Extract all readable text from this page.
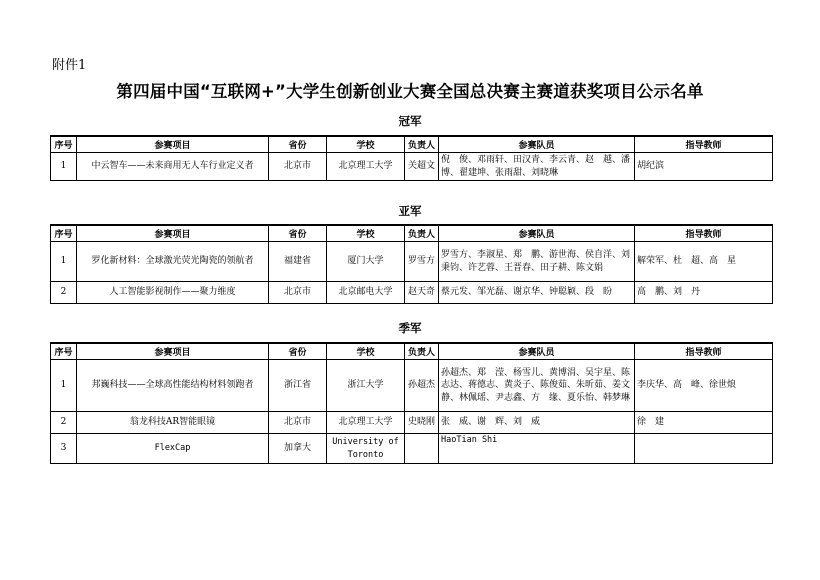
附件1
第四届中国“互联网+”大学生创新创业大赛全国总决赛主赛道获奖项目公示名单
冠军
序号	参赛项目	省份	学校	负责人	参赛队员	指导教师
1	中云智车——未来商用无人车行业定义者	北京市	北京理工大学	关超文	倪　俊、邓雨轩、田汉青、李云青、赵　越、潘　博、翟建坤、张雨甜、刘晓琳	胡纪滨
亚军
序号	参赛项目	省份	学校	负责人	参赛队员	指导教师
1	罗化新材料：全球激光荧光陶瓷的领航者	福建省	厦门大学	罗雪方	罗雪方、李淑星、郑　鹏、游世海、侯自洋、刘秉钧、许艺蓉、王晋春、田子耕、陈文娟	解荣军、杜　超、高　星
2	人工智能影视制作——聚力维度	北京市	北京邮电大学	赵天奇	蔡元发、邹光磊、谢京华、钟聪颖、段　盼	高　鹏、刘　丹
季军
序号	参赛项目	省份	学校	负责人	参赛队员	指导教师
1	邦巍科技——全球高性能结构材料领跑者	浙江省	浙江大学	孙超杰	孙超杰、郑　滢、杨雪儿、黄博涓、吴宇星、陈志达、蒋德志、黄炎子、陈俊茹、朱昕茹、姜文静、林佩瑶、尹志鑫、方　缘、夏乐怡、韩梦琳	李庆华、高　峰、徐世烺
2	翁龙科技AR智能眼镜	北京市	北京理工大学	史晓刚	张　威、谢　辉、刘　威	徐　建
3	FlexCap	加拿大	University of Toronto		HaoTian Shi	
